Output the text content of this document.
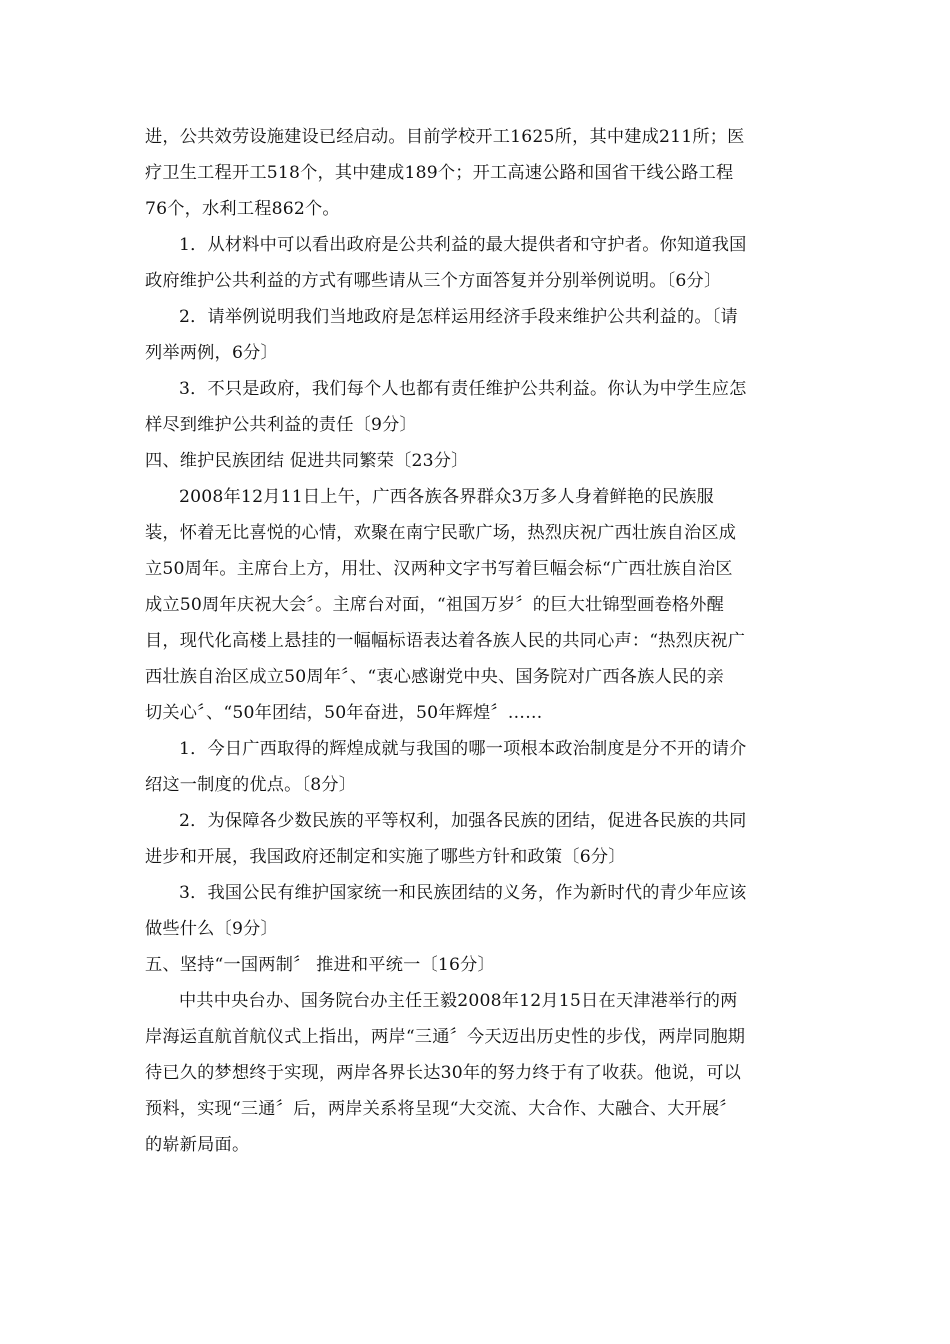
进，公共效劳设施建设已经启动。目前学校开工1625所，其中建成211所；医
疗卫生工程开工518个，其中建成189个；开工高速公路和国省干线公路工程
76个，水利工程862个。
1．从材料中可以看出政府是公共利益的最大提供者和守护者。你知道我国
政府维护公共利益的方式有哪些请从三个方面答复并分别举例说明。〔6分〕
2．请举例说明我们当地政府是怎样运用经济手段来维护公共利益的。〔请
列举两例，6分〕
3．不只是政府，我们每个人也都有责任维护公共利益。你认为中学生应怎
样尽到维护公共利益的责任〔9分〕
四、维护民族团结 促进共同繁荣〔23分〕
2008年12月11日上午，广西各族各界群众3万多人身着鲜艳的民族服
装，怀着无比喜悦的心情，欢聚在南宁民歌广场，热烈庆祝广西壮族自治区成
立50周年。主席台上方，用壮、汉两种文字书写着巨幅会标“广西壮族自治区
成立50周年庆祝大会〞。主席台对面，“祖国万岁〞的巨大壮锦型画卷格外醒
目，现代化高楼上悬挂的一幅幅标语表达着各族人民的共同心声：“热烈庆祝广
西壮族自治区成立50周年〞、“衷心感谢党中央、国务院对广西各族人民的亲
切关心〞、“50年团结，50年奋进，50年辉煌〞……
1．今日广西取得的辉煌成就与我国的哪一项根本政治制度是分不开的请介
绍这一制度的优点。〔8分〕
2．为保障各少数民族的平等权利，加强各民族的团结，促进各民族的共同
进步和开展，我国政府还制定和实施了哪些方针和政策〔6分〕
3．我国公民有维护国家统一和民族团结的义务，作为新时代的青少年应该
做些什么〔9分〕
五、坚持“一国两制〞 推进和平统一〔16分〕
中共中央台办、国务院台办主任王毅2008年12月15日在天津港举行的两
岸海运直航首航仪式上指出，两岸“三通〞今天迈出历史性的步伐，两岸同胞期
待已久的梦想终于实现，两岸各界长达30年的努力终于有了收获。他说，可以
预料，实现“三通〞后，两岸关系将呈现“大交流、大合作、大融合、大开展〞
的崭新局面。
